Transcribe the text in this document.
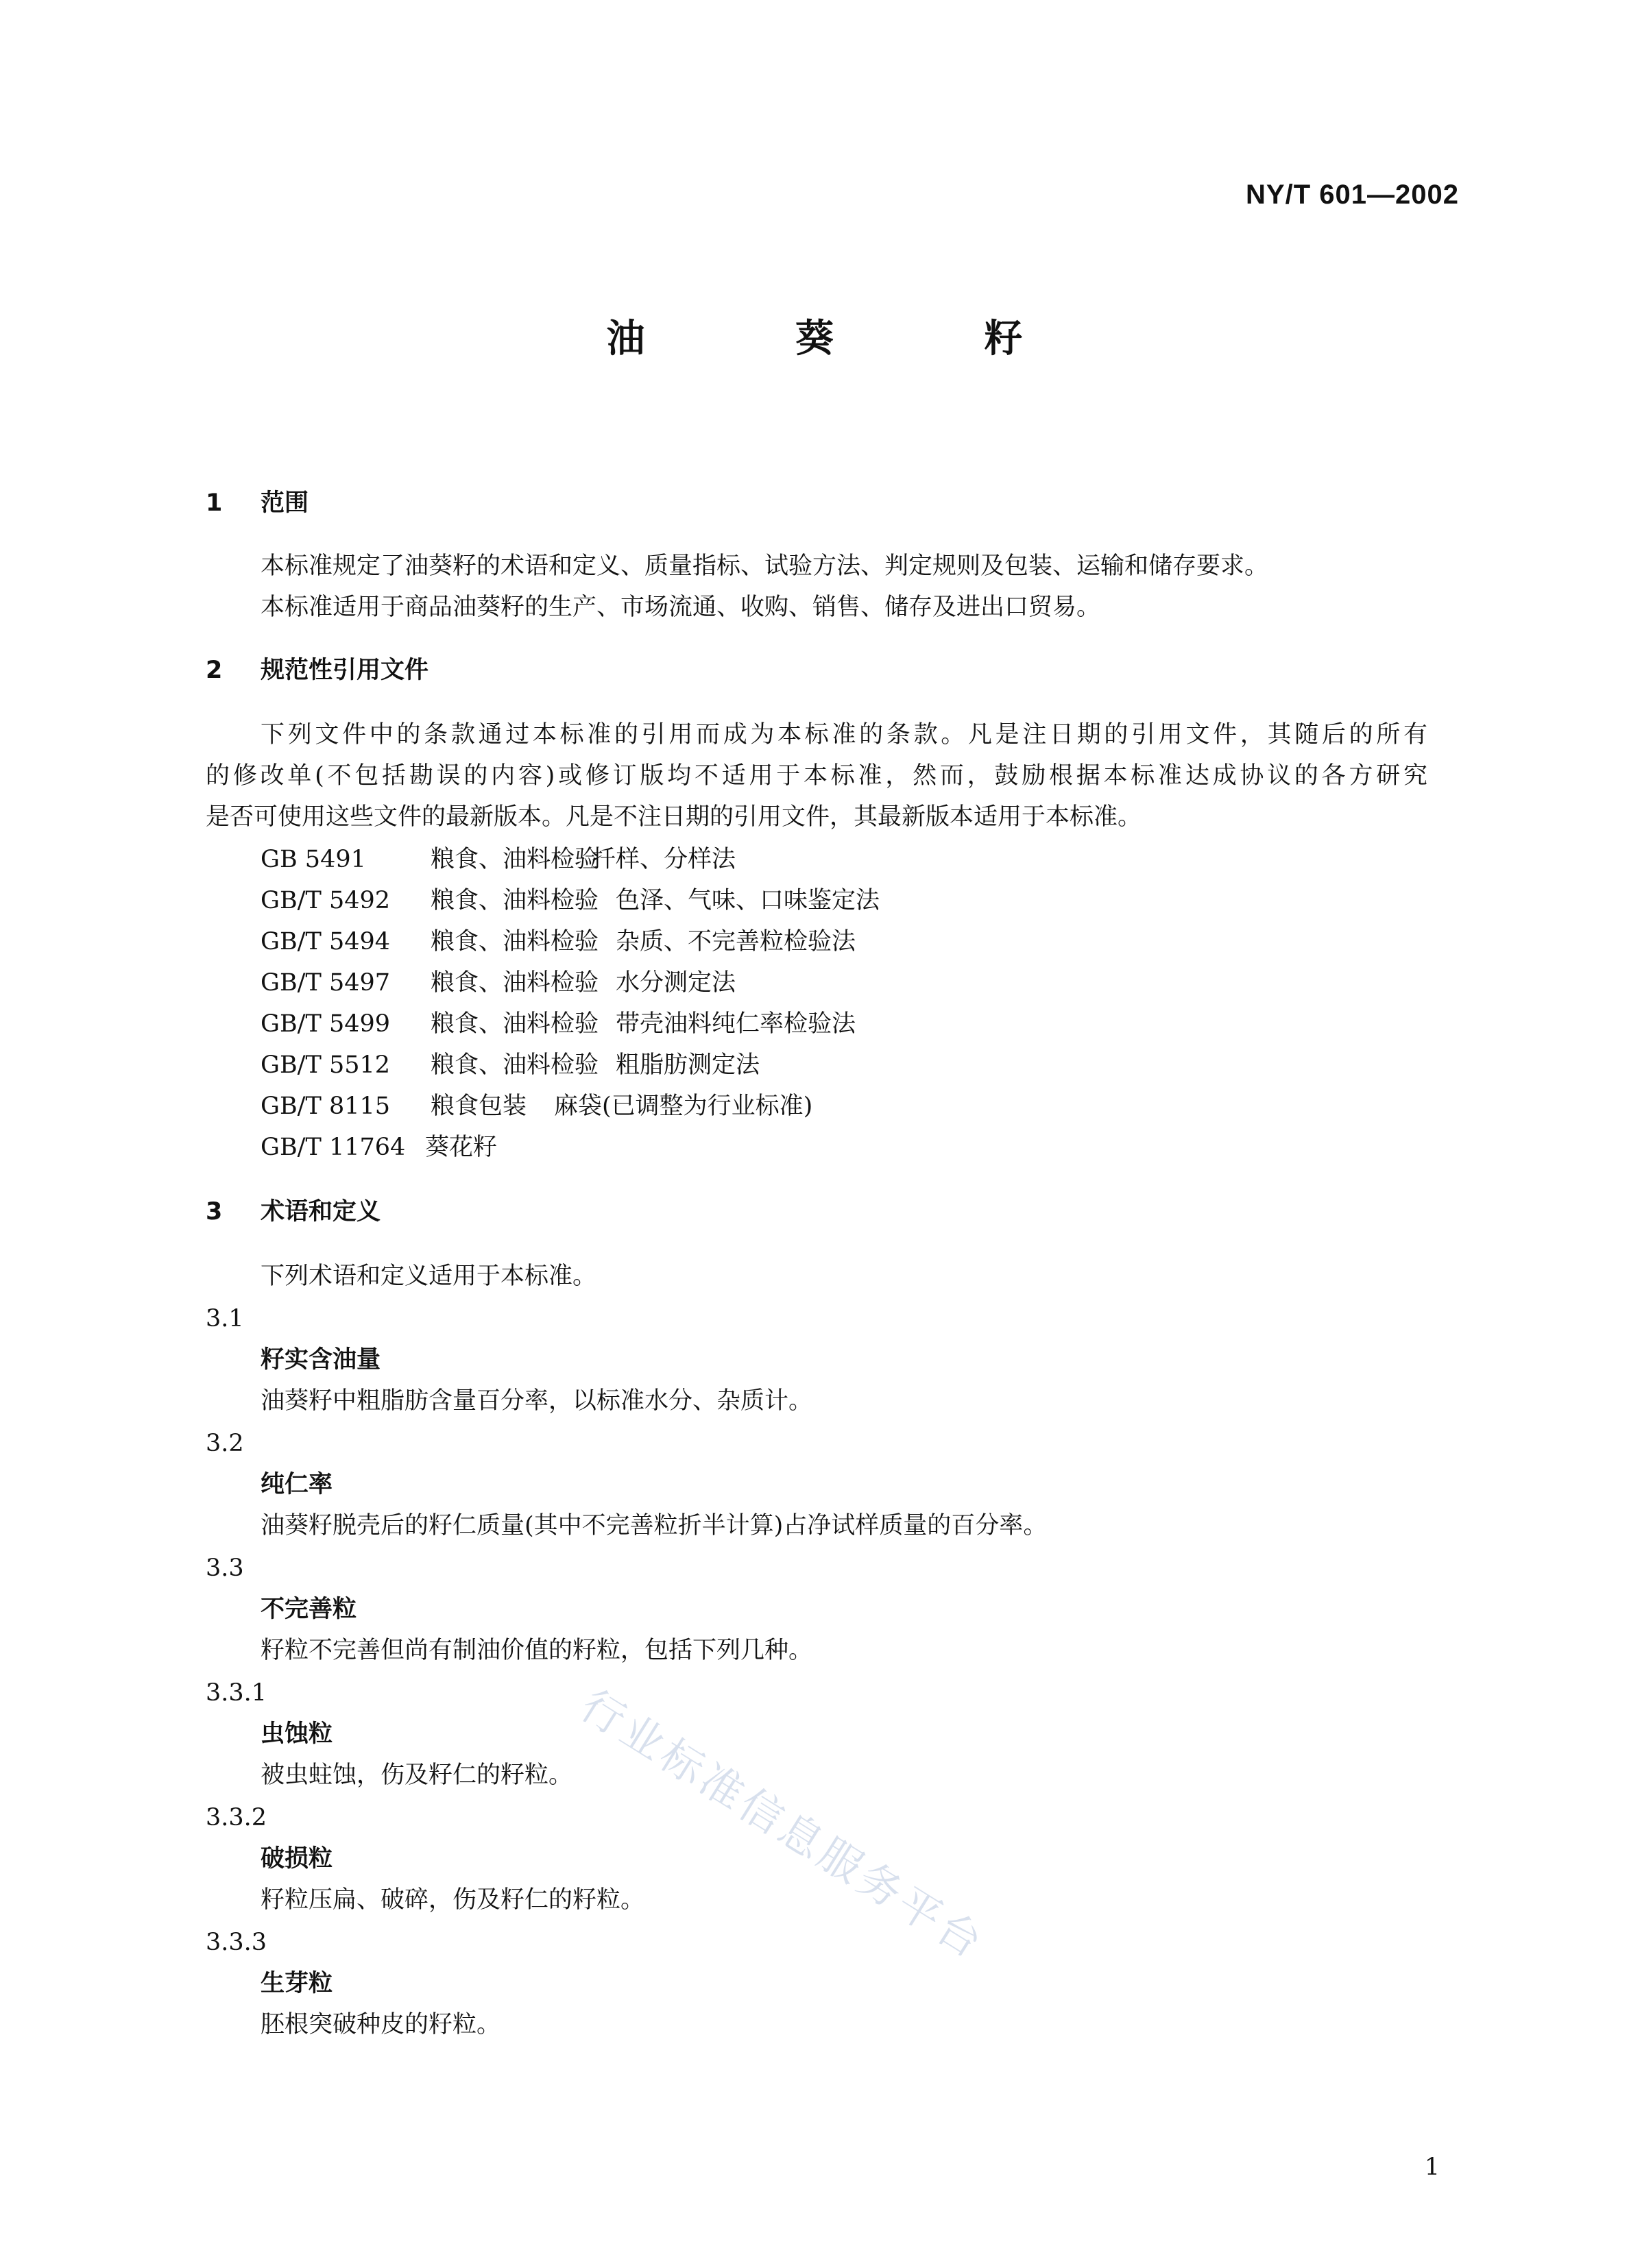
NY/T 601—2002
油 葵 籽
1 范围
本标准规定了油葵籽的术语和定义、质量指标、试验方法、判定规则及包装、运输和储存要求。
本标准适用于商品油葵籽的生产、市场流通、收购、销售、储存及进出口贸易。
2 规范性引用文件
下列文件中的条款通过本标准的引用而成为本标准的条款。凡是注日期的引用文件，其随后的所有
的修改单(不包括勘误的内容)或修订版均不适用于本标准，然而，鼓励根据本标准达成协议的各方研究
是否可使用这些文件的最新版本。凡是不注日期的引用文件，其最新版本适用于本标准。
GB 5491	粮食、油料检验　扦样、分样法
GB/T 5492 粮食、油料检验 色泽、气味、口味鉴定法
GB/T 5494 粮食、油料检验 杂质、不完善粒检验法
GB/T 5497 粮食、油料检验 水分测定法
GB/T 5499 粮食、油料检验 带壳油料纯仁率检验法
GB/T 5512 粮食、油料检验 粗脂肪测定法
GB/T 8115 粮食包装 麻袋(已调整为行业标准)
GB/T 11764 葵花籽
3 术语和定义
下列术语和定义适用于本标准。
3.1
籽实含油量
油葵籽中粗脂肪含量百分率，以标准水分、杂质计。
3.2
纯仁率
油葵籽脱壳后的籽仁质量(其中不完善粒折半计算)占净试样质量的百分率。
3.3
不完善粒
籽粒不完善但尚有制油价值的籽粒，包括下列几种。
3.3.1
虫蚀粒
被虫蛀蚀，伤及籽仁的籽粒。
3.3.2
破损粒
籽粒压扁、破碎，伤及籽仁的籽粒。
3.3.3
生芽粒
胚根突破种皮的籽粒。
行业标准信息服务平台
1
